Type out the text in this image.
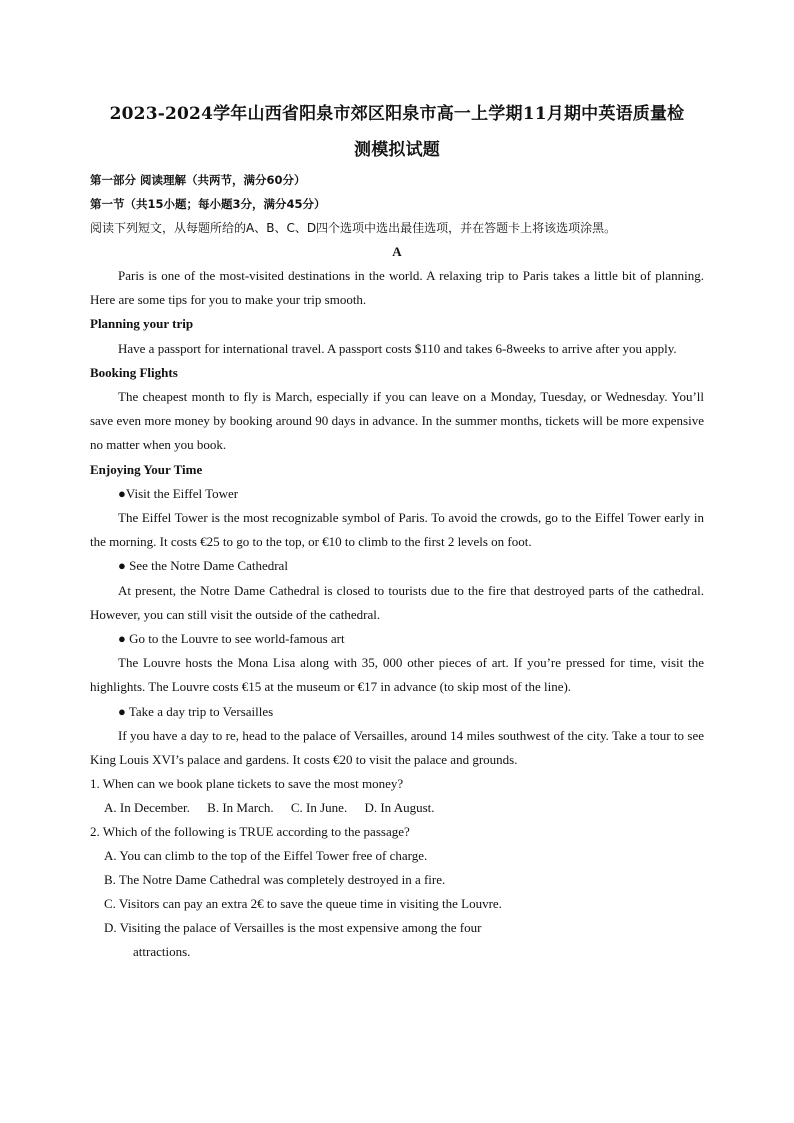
2023-2024学年山西省阳泉市郊区阳泉市高一上学期11月期中英语质量检

测模拟试题

第一部分 阅读理解（共两节，满分60分）

第一节（共15小题；每小题3分，满分45分）

阅读下列短文，从每题所给的A、B、C、D四个选项中选出最佳选项，并在答题卡上将该选项涂黑。

A

Paris is one of the most-visited destinations in the world. A relaxing trip to Paris takes a little bit of planning. Here are some tips for you to make your trip smooth.

Planning your trip

Have a passport for international travel. A passport costs $110 and takes 6-8weeks to arrive after you apply.

Booking Flights

The cheapest month to fly is March, especially if you can leave on a Monday, Tuesday, or Wednesday. You’ll save even more money by booking around 90 days in advance. In the summer months, tickets will be more expensive no matter when you book.

Enjoying Your Time

●Visit the Eiffel Tower

The Eiffel Tower is the most recognizable symbol of Paris. To avoid the crowds, go to the Eiffel Tower early in the morning. It costs €25 to go to the top, or €10 to climb to the first 2 levels on foot.

● See the Notre Dame Cathedral

At present, the Notre Dame Cathedral is closed to tourists due to the fire that destroyed parts of the cathedral. However, you can still visit the outside of the cathedral.

● Go to the Louvre to see world-famous art

The Louvre hosts the Mona Lisa along with 35, 000 other pieces of art. If you’re pressed for time, visit the highlights. The Louvre costs €15 at the museum or €17 in advance (to skip most of the line).

● Take a day trip to Versailles

If you have a day to re, head to the palace of Versailles, around 14 miles southwest of the city. Take a tour to see King Louis XVI’s palace and gardens. It costs €20 to visit the palace and grounds.

1. When can we book plane tickets to save the most money?

A. In December. B. In March. C. In June. D. In August.

2. Which of the following is TRUE according to the passage?

A. You can climb to the top of the Eiffel Tower free of charge.

B. The Notre Dame Cathedral was completely destroyed in a fire.

C. Visitors can pay an extra 2€ to save the queue time in visiting the Louvre.

D. Visiting the palace of Versailles is the most expensive among the four

attractions.
